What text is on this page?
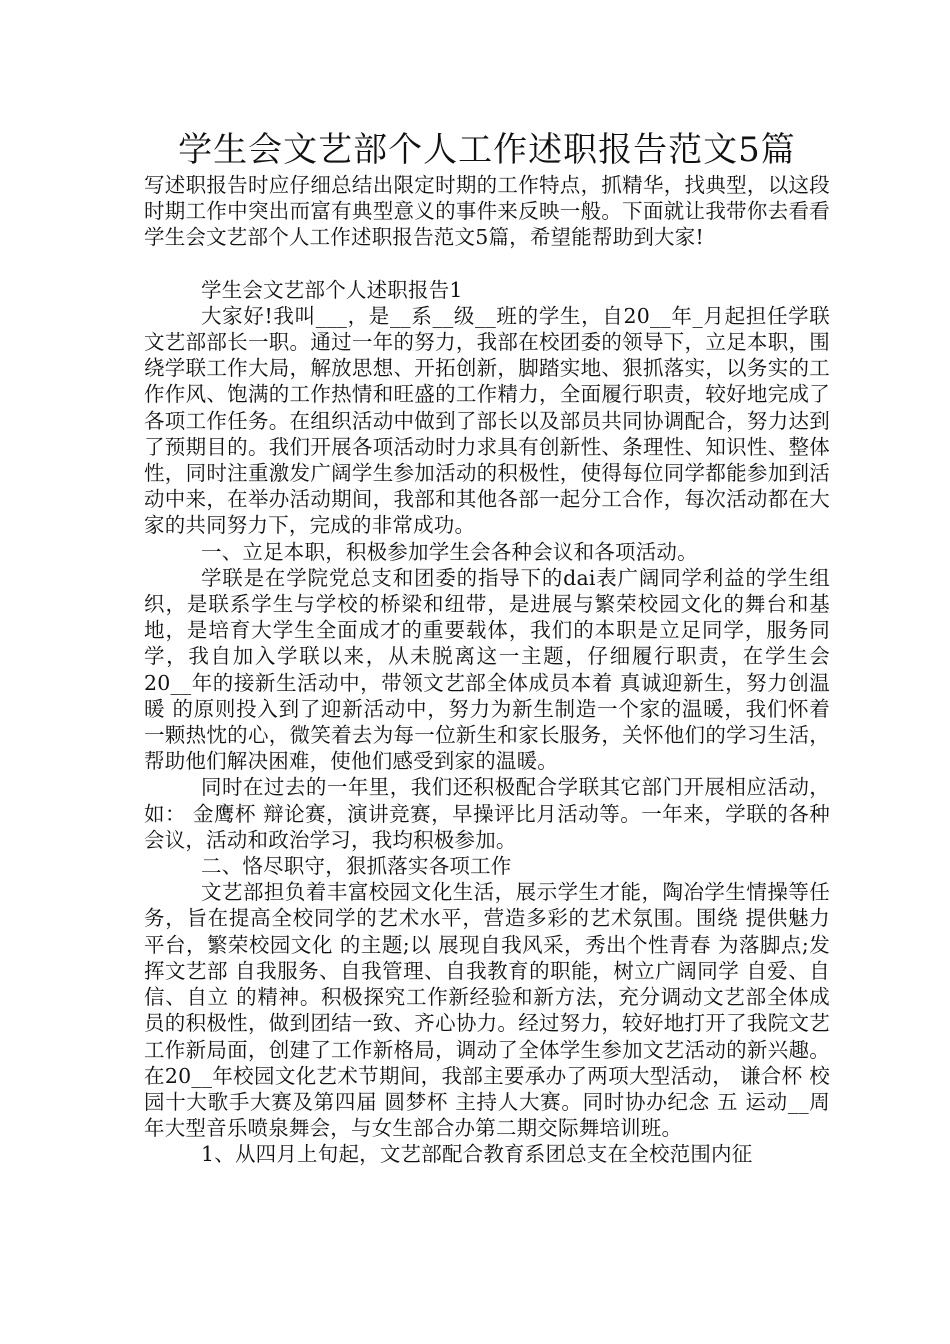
学生会文艺部个人工作述职报告范文5篇

写述职报告时应仔细总结出限定时期的工作特点，抓精华，找典型，以这段时期工作中突出而富有典型意义的事件来反映一般。下面就让我带你去看看学生会文艺部个人工作述职报告范文5篇，希望能帮助到大家!

学生会文艺部个人述职报告1

大家好!我叫___，是__系__级__班的学生，自20__年_月起担任学联文艺部部长一职。通过一年的努力，我部在校团委的领导下，立足本职，围绕学联工作大局，解放思想、开拓创新，脚踏实地、狠抓落实，以务实的工作作风、饱满的工作热情和旺盛的工作精力，全面履行职责，较好地完成了各项工作任务。在组织活动中做到了部长以及部员共同协调配合，努力达到了预期目的。我们开展各项活动时力求具有创新性、条理性、知识性、整体性，同时注重激发广阔学生参加活动的积极性，使得每位同学都能参加到活动中来，在举办活动期间，我部和其他各部一起分工合作，每次活动都在大家的共同努力下，完成的非常成功。

一、立足本职，积极参加学生会各种会议和各项活动。

学联是在学院党总支和团委的指导下的dai表广阔同学利益的学生组织，是联系学生与学校的桥梁和纽带，是进展与繁荣校园文化的舞台和基地，是培育大学生全面成才的重要载体，我们的本职是立足同学，服务同学，我自加入学联以来，从未脱离这一主题，仔细履行职责，在学生会20__年的接新生活动中，带领文艺部全体成员本着 真诚迎新生，努力创温暖 的原则投入到了迎新活动中，努力为新生制造一个家的温暖，我们怀着一颗热忱的心，微笑着去为每一位新生和家长服务，关怀他们的学习生活，帮助他们解决困难，使他们感受到家的温暖。

同时在过去的一年里，我们还积极配合学联其它部门开展相应活动，如： 金鹰杯 辩论赛，演讲竞赛，早操评比月活动等。一年来，学联的各种会议，活动和政治学习，我均积极参加。

二、恪尽职守，狠抓落实各项工作

文艺部担负着丰富校园文化生活，展示学生才能，陶冶学生情操等任务，旨在提高全校同学的艺术水平，营造多彩的艺术氛围。围绕 提供魅力平台，繁荣校园文化 的主题;以 展现自我风采，秀出个性青春 为落脚点;发挥文艺部 自我服务、自我管理、自我教育的职能，树立广阔同学 自爱、自信、自立 的精神。积极探究工作新经验和新方法，充分调动文艺部全体成员的积极性，做到团结一致、齐心协力。经过努力，较好地打开了我院文艺工作新局面，创建了工作新格局，调动了全体学生参加文艺活动的新兴趣。在20__年校园文化艺术节期间，我部主要承办了两项大型活动， 谦合杯 校园十大歌手大赛及第四届 圆梦杯 主持人大赛。同时协办纪念 五 运动__周年大型音乐喷泉舞会，与女生部合办第二期交际舞培训班。

1、从四月上旬起，文艺部配合教育系团总支在全校范围内征
